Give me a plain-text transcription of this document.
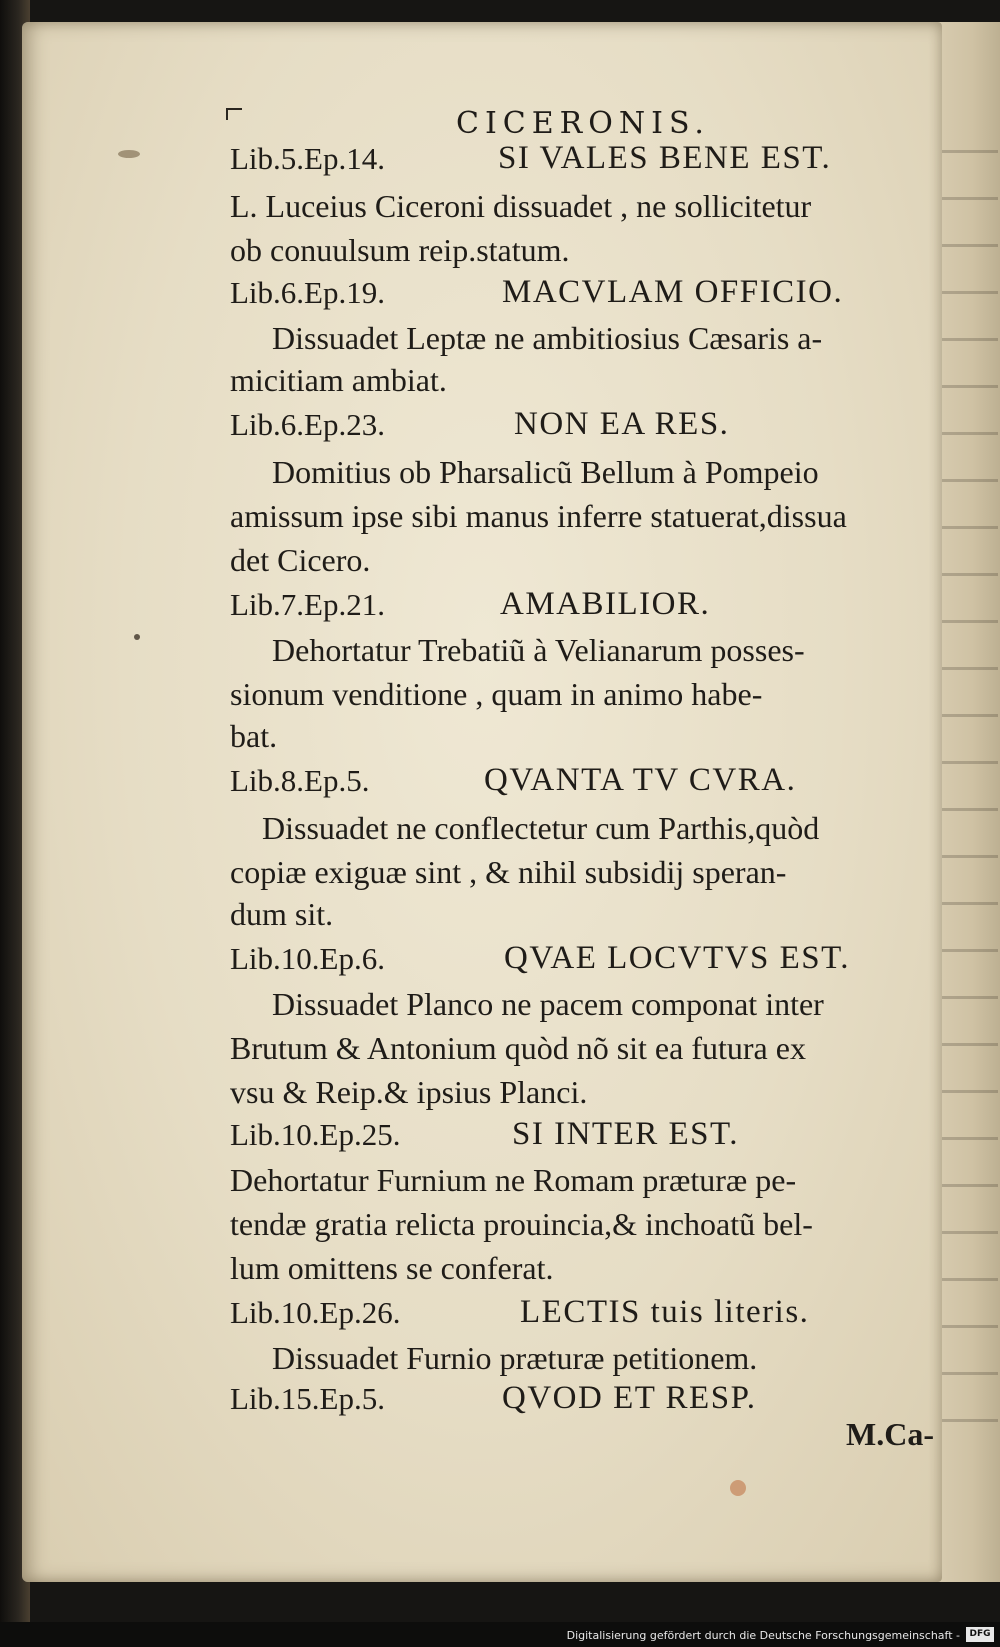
CICERONIS.
Lib.5.Ep.14.	SI VALES BENE EST.
L. Luceius Ciceroni dissuadet , ne sollicitetur
ob conuulsum reip.statum.
Lib.6.Ep.19.	MACVLAM OFFICIO.
Dissuadet Leptæ ne ambitiosius Cæsaris a-
micitiam ambiat.
Lib.6.Ep.23.	NON EA RES.
Domitius ob Pharsalicũ Bellum à Pompeio
amissum ipse sibi manus inferre statuerat,dissua
det Cicero.
Lib.7.Ep.21.	AMABILIOR.
Dehortatur Trebatiũ à Velianarum posses-
sionum venditione , quam in animo habe-
bat.
Lib.8.Ep.5.	QVANTA TV CVRA.
Dissuadet ne conflectetur cum Parthis,quòd
copiæ exiguæ sint , & nihil subsidij speran-
dum sit.
Lib.10.Ep.6.	QVAE LOCVTVS EST.
Dissuadet Planco ne pacem componat inter
Brutum & Antonium quòd nõ sit ea futura ex
vsu & Reip.& ipsius Planci.
Lib.10.Ep.25.	SI INTER EST.
Dehortatur Furnium ne Romam præturæ pe-
tendæ gratia relicta prouincia,& inchoatũ bel-
lum omittens se conferat.
Lib.10.Ep.26.	LECTIS tuis literis.
Dissuadet Furnio præturæ petitionem.
Lib.15.Ep.5.	QVOD ET RESP.
M.Ca-
Digitalisierung gefördert durch die Deutsche Forschungsgemeinschaft -	DFG
